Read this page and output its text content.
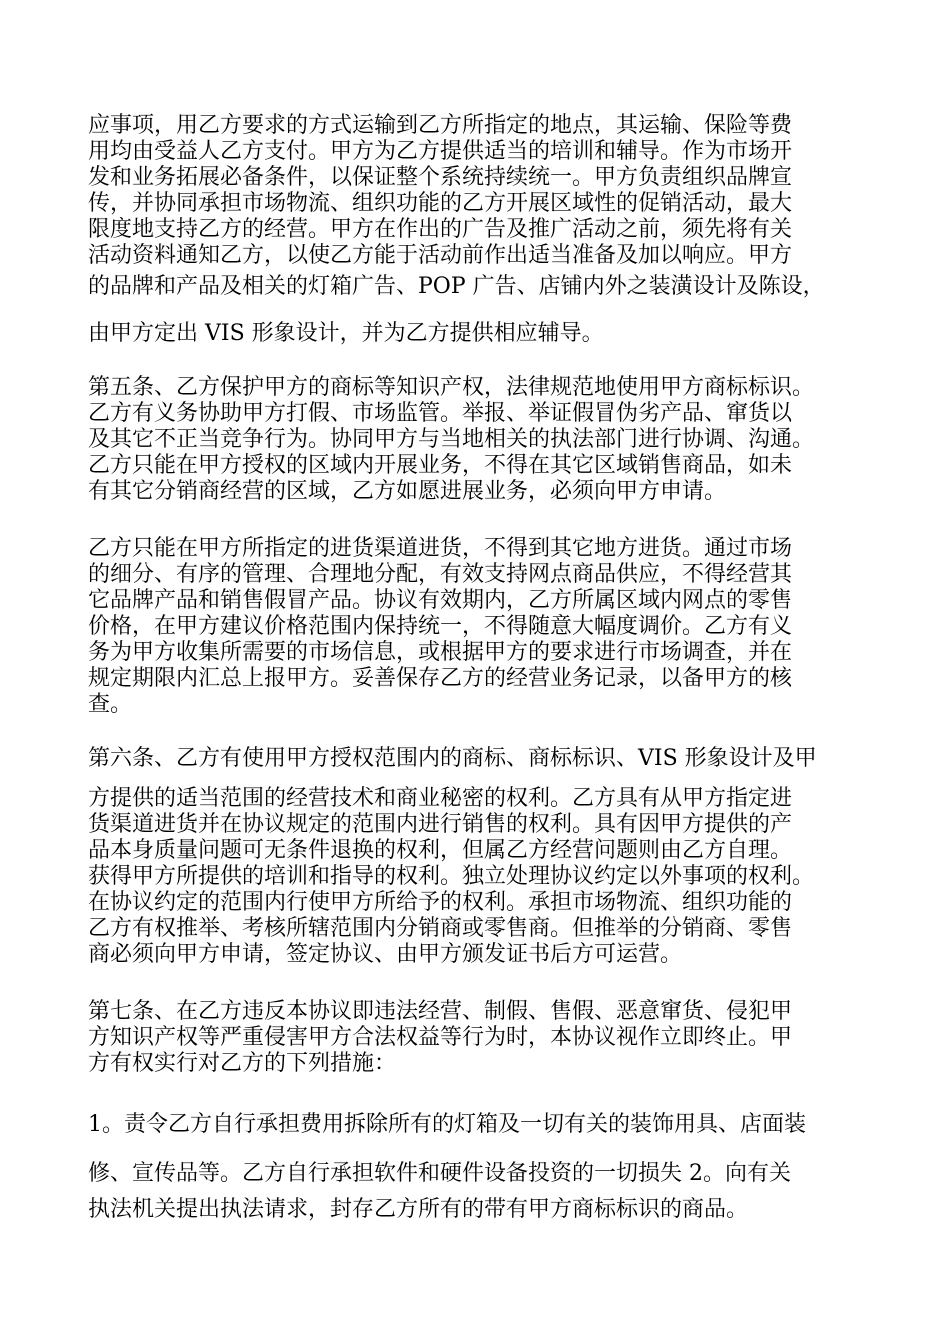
应事项，用乙方要求的方式运输到乙方所指定的地点，其运输、保险等费

用均由受益人乙方支付。甲方为乙方提供适当的培训和辅导。作为市场开

发和业务拓展必备条件，以保证整个系统持续统一。甲方负责组织品牌宣

传，并协同承担市场物流、组织功能的乙方开展区域性的促销活动，最大

限度地支持乙方的经营。甲方在作出的广告及推广活动之前，须先将有关

活动资料通知乙方，以使乙方能于活动前作出适当准备及加以响应。甲方

的品牌和产品及相关的灯箱广告、POP 广告、店铺内外之装潢设计及陈设，

由甲方定出 VIS 形象设计，并为乙方提供相应辅导。

第五条、乙方保护甲方的商标等知识产权，法律规范地使用甲方商标标识。

乙方有义务协助甲方打假、市场监管。举报、举证假冒伪劣产品、窜货以

及其它不正当竞争行为。协同甲方与当地相关的执法部门进行协调、沟通。

乙方只能在甲方授权的区域内开展业务，不得在其它区域销售商品，如未

有其它分销商经营的区域，乙方如愿进展业务，必须向甲方申请。

乙方只能在甲方所指定的进货渠道进货，不得到其它地方进货。通过市场

的细分、有序的管理、合理地分配，有效支持网点商品供应，不得经营其

它品牌产品和销售假冒产品。协议有效期内，乙方所属区域内网点的零售

价格，在甲方建议价格范围内保持统一，不得随意大幅度调价。乙方有义

务为甲方收集所需要的市场信息，或根据甲方的要求进行市场调查，并在

规定期限内汇总上报甲方。妥善保存乙方的经营业务记录，以备甲方的核

查。

第六条、乙方有使用甲方授权范围内的商标、商标标识、VIS 形象设计及甲

方提供的适当范围的经营技术和商业秘密的权利。乙方具有从甲方指定进

货渠道进货并在协议规定的范围内进行销售的权利。具有因甲方提供的产

品本身质量问题可无条件退换的权利，但属乙方经营问题则由乙方自理。

获得甲方所提供的培训和指导的权利。独立处理协议约定以外事项的权利。

在协议约定的范围内行使甲方所给予的权利。承担市场物流、组织功能的

乙方有权推举、考核所辖范围内分销商或零售商。但推举的分销商、零售

商必须向甲方申请，签定协议、由甲方颁发证书后方可运营。

第七条、在乙方违反本协议即违法经营、制假、售假、恶意窜货、侵犯甲

方知识产权等严重侵害甲方合法权益等行为时，本协议视作立即终止。甲

方有权实行对乙方的下列措施：

1。责令乙方自行承担费用拆除所有的灯箱及一切有关的装饰用具、店面装

修、宣传品等。乙方自行承担软件和硬件设备投资的一切损失 2。向有关

执法机关提出执法请求，封存乙方所有的带有甲方商标标识的商品。
